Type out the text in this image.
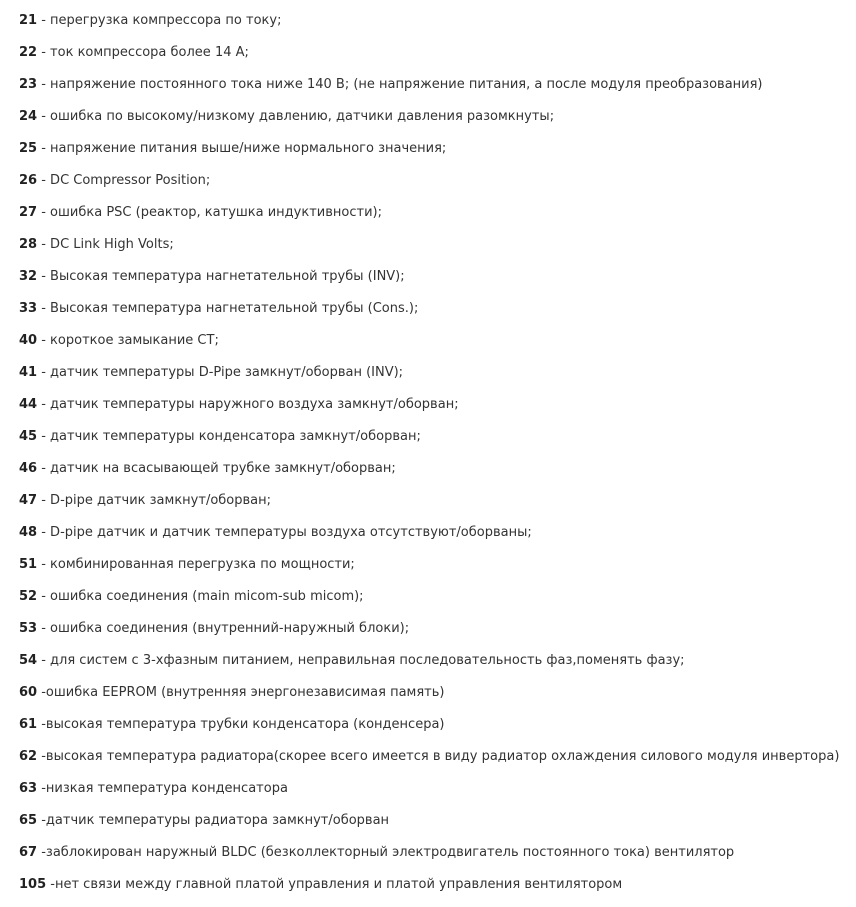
21 - перегрузка компрессора по току;

22 - ток компрессора более 14 А;

23 - напряжение постоянного тока ниже 140 В; (не напряжение питания, а после модуля преобразования)

24 - ошибка по высокому/низкому давлению, датчики давления разомкнуты;

25 - напряжение питания выше/ниже нормального значения;

26 - DC Compressor Position;

27 - ошибка PSC (реактор, катушка индуктивности);

28 - DC Link High Volts;

32 - Высокая температура нагнетательной трубы (INV);

33 - Высокая температура нагнетательной трубы (Cons.);

40 - короткое замыкание CT;

41 - датчик температуры D-Pipe замкнут/оборван (INV);

44 - датчик температуры наружного воздуха замкнут/оборван;

45 - датчик температуры конденсатора замкнут/оборван;

46 - датчик на всасывающей трубке замкнут/оборван;

47 - D-pipe датчик замкнут/оборван;

48 - D-pipe датчик и датчик температуры воздуха отсутствуют/оборваны;

51 - комбинированная перегрузка по мощности;

52 - ошибка соединения (main micom-sub micom);

53 - ошибка соединения (внутренний-наружный блоки);

54 - для систем с 3-хфазным питанием, неправильная последовательность фаз,поменять фазу;

60 -ошибка EEPROM (внутренняя энергонезависимая память)

61 -высокая температура трубки конденсатора (конденсера)

62 -высокая температура радиатора(скорее всего имеется в виду радиатор охлаждения силового модуля инвертора)

63 -низкая температура конденсатора

65 -датчик температуры радиатора замкнут/оборван

67 -заблокирован наружный BLDC (безколлекторный электродвигатель постоянного тока) вентилятор

105 -нет связи между главной платой управления и платой управления вентилятором
